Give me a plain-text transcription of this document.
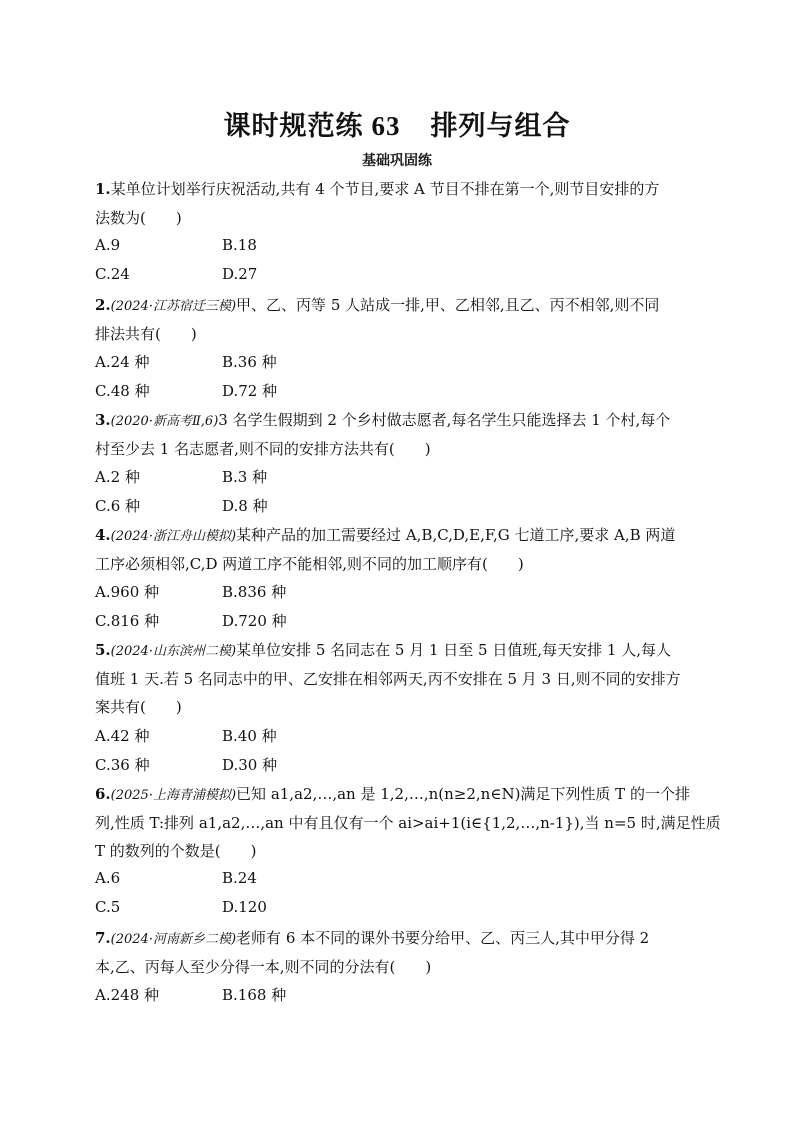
课时规范练 63 排列与组合
基础巩固练
1.某单位计划举行庆祝活动,共有 4 个节目,要求 A 节目不排在第一个,则节目安排的方
法数为(　　)
A.9	B.18
C.24	D.27
2.(2024·江苏宿迁三模)甲、乙、丙等 5 人站成一排,甲、乙相邻,且乙、丙不相邻,则不同
排法共有(　　)
A.24 种	B.36 种
C.48 种	D.72 种
3.(2020·新高考Ⅱ,6)3 名学生假期到 2 个乡村做志愿者,每名学生只能选择去 1 个村,每个
村至少去 1 名志愿者,则不同的安排方法共有(　　)
A.2 种	B.3 种
C.6 种	D.8 种
4.(2024·浙江舟山模拟)某种产品的加工需要经过 A,B,C,D,E,F,G 七道工序,要求 A,B 两道
工序必须相邻,C,D 两道工序不能相邻,则不同的加工顺序有(　　)
A.960 种	B.836 种
C.816 种	D.720 种
5.(2024·山东滨州二模)某单位安排 5 名同志在 5 月 1 日至 5 日值班,每天安排 1 人,每人
值班 1 天.若 5 名同志中的甲、乙安排在相邻两天,丙不安排在 5 月 3 日,则不同的安排方
案共有(　　)
A.42 种	B.40 种
C.36 种	D.30 种
6.(2025·上海青浦模拟)已知 a1,a2,…,an 是 1,2,…,n(n≥2,n∈N)满足下列性质 T 的一个排
列,性质 T:排列 a1,a2,…,an 中有且仅有一个 ai>ai+1(i∈{1,2,…,n-1}),当 n=5 时,满足性质
T 的数列的个数是(　　)
A.6	B.24
C.5	D.120
7.(2024·河南新乡二模)老师有 6 本不同的课外书要分给甲、乙、丙三人,其中甲分得 2
本,乙、丙每人至少分得一本,则不同的分法有(　　)
A.248 种	B.168 种
